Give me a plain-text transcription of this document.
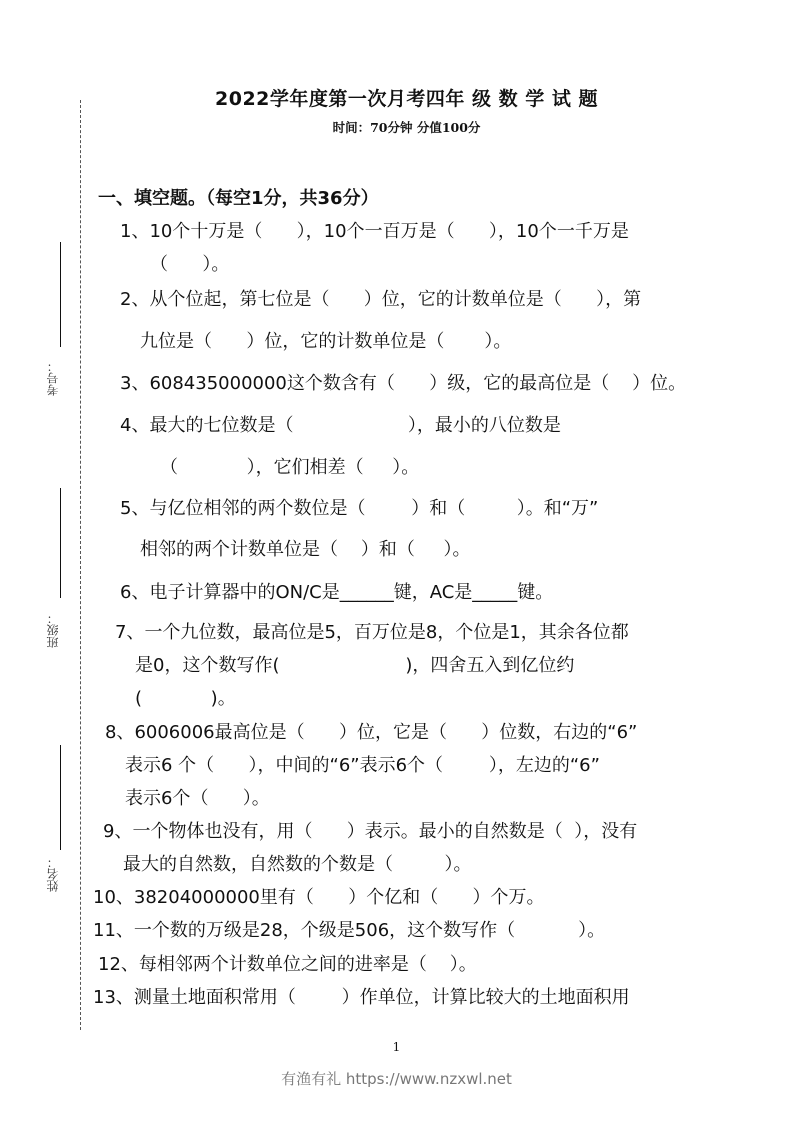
2022学年度第一次月考四年 级 数 学 试 题
时间：70分钟 分值100分
考号：
班级：
姓名：
一、填空题。（每空1分，共36分）
1、10个十万是（      ），10个一百万是（      ），10个一千万是
（      ）。
2、从个位起，第七位是（      ）位，它的计数单位是（      ），第
九位是（      ）位，它的计数单位是（       ）。
3、608435000000这个数含有（      ）级，它的最高位是（    ）位。
4、最大的七位数是（                    ），最小的八位数是
（            ），它们相差（     ）。
5、与亿位相邻的两个数位是（        ）和（         ）。和“万”
相邻的两个计数单位是（    ）和（     ）。
6、电子计算器中的ON/C是______键，AC是_____键。
7、一个九位数，最高位是5，百万位是8，个位是1，其余各位都
是0，这个数写作(                      )，四舍五入到亿位约
(            )。
8、6006006最高位是（      ）位，它是（      ）位数，右边的“6”
表示6 个（      ），中间的“6”表示6个（        ），左边的“6”
表示6个（      ）。
9、一个物体也没有，用（      ）表示。最小的自然数是（  ），没有
最大的自然数，自然数的个数是（         ）。
10、38204000000里有（      ）个亿和（      ）个万。
11、一个数的万级是28，个级是506，这个数写作（           ）。
12、每相邻两个计数单位之间的进率是（    ）。
13、测量土地面积常用（        ）作单位，计算比较大的土地面积用
1
有渔有礼 https://www.nzxwl.net
